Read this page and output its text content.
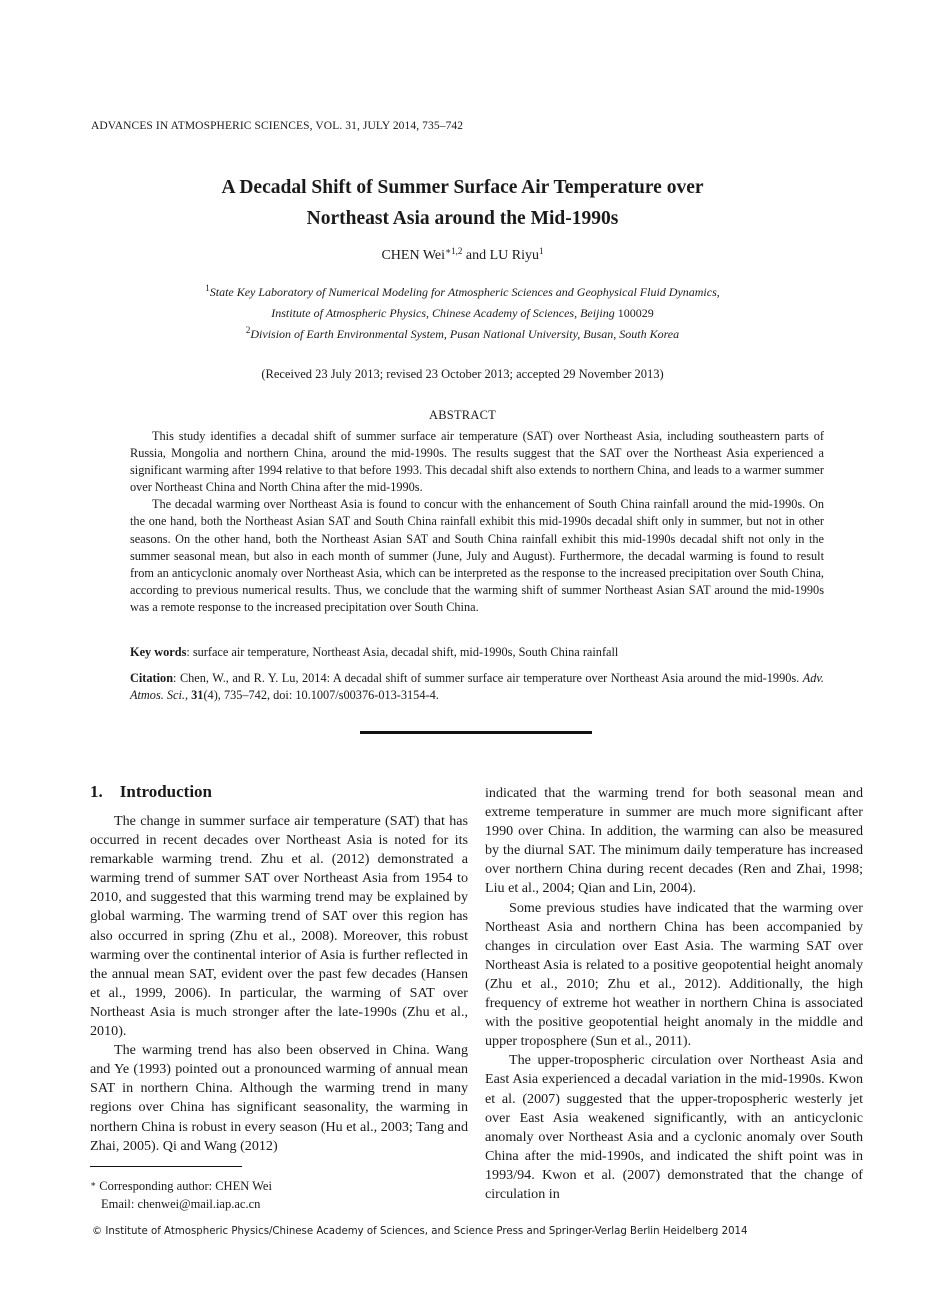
ADVANCES IN ATMOSPHERIC SCIENCES, VOL. 31, JULY 2014, 735–742
A Decadal Shift of Summer Surface Air Temperature over
Northeast Asia around the Mid-1990s
CHEN Wei$^{∗1,2}$ and LU Riyu$^1$
$^1$State Key Laboratory of Numerical Modeling for Atmospheric Sciences and Geophysical Fluid Dynamics,
Institute of Atmospheric Physics, Chinese Academy of Sciences, Beijing 100029
$^2$Division of Earth Environmental System, Pusan National University, Busan, South Korea
(Received 23 July 2013; revised 23 October 2013; accepted 29 November 2013)
ABSTRACT

This study identifies a decadal shift of summer surface air temperature (SAT) over Northeast Asia, including southeastern parts of Russia, Mongolia and northern China, around the mid-1990s. The results suggest that the SAT over the Northeast Asia experienced a significant warming after 1994 relative to that before 1993. This decadal shift also extends to northern China, and leads to a warmer summer over Northeast China and North China after the mid-1990s.

The decadal warming over Northeast Asia is found to concur with the enhancement of South China rainfall around the mid-1990s. On the one hand, both the Northeast Asian SAT and South China rainfall exhibit this mid-1990s decadal shift only in summer, but not in other seasons. On the other hand, both the Northeast Asian SAT and South China rainfall exhibit this mid-1990s decadal shift not only in the summer seasonal mean, but also in each month of summer (June, July and August). Furthermore, the decadal warming is found to result from an anticyclonic anomaly over Northeast Asia, which can be interpreted as the response to the increased precipitation over South China, according to previous numerical results. Thus, we conclude that the warming shift of summer Northeast Asian SAT around the mid-1990s was a remote response to the increased precipitation over South China.

Key words: surface air temperature, Northeast Asia, decadal shift, mid-1990s, South China rainfall
Citation: Chen, W., and R. Y. Lu, 2014: A decadal shift of summer surface air temperature over Northeast Asia around the mid-1990s. Adv. Atmos. Sci., 31(4), 735–742, doi: 10.1007/s00376-013-3154-4.
1.    Introduction

The change in summer surface air temperature (SAT) that has occurred in recent decades over Northeast Asia is noted for its remarkable warming trend. Zhu et al. (2012) demonstrated a warming trend of summer SAT over Northeast Asia from 1954 to 2010, and suggested that this warming trend may be explained by global warming. The warming trend of SAT over this region has also occurred in spring (Zhu et al., 2008). Moreover, this robust warming over the continental interior of Asia is further reflected in the annual mean SAT, evident over the past few decades (Hansen et al., 1999, 2006). In particular, the warming of SAT over Northeast Asia is much stronger after the late-1990s (Zhu et al., 2010).

The warming trend has also been observed in China. Wang and Ye (1993) pointed out a pronounced warming of annual mean SAT in northern China. Although the warming trend in many regions over China has significant seasonality, the warming in northern China is robust in every season (Hu et al., 2003; Tang and Zhai, 2005). Qi and Wang (2012)

indicated that the warming trend for both seasonal mean and extreme temperature in summer are much more significant after 1990 over China. In addition, the warming can also be measured by the diurnal SAT. The minimum daily temperature has increased over northern China during recent decades (Ren and Zhai, 1998; Liu et al., 2004; Qian and Lin, 2004).

Some previous studies have indicated that the warming over Northeast Asia and northern China has been accompanied by changes in circulation over East Asia. The warming SAT over Northeast Asia is related to a positive geopotential height anomaly (Zhu et al., 2010; Zhu et al., 2012). Additionally, the high frequency of extreme hot weather in northern China is associated with the positive geopotential height anomaly in the middle and upper troposphere (Sun et al., 2011).

The upper-tropospheric circulation over Northeast Asia and East Asia experienced a decadal variation in the mid-1990s. Kwon et al. (2007) suggested that the upper-tropospheric westerly jet over East Asia weakened significantly, with an anticyclonic anomaly over Northeast Asia and a cyclonic anomaly over South China after the mid-1990s, and indicated the shift point was in 1993/94. Kwon et al. (2007) demonstrated that the change of circulation in

∗ Corresponding author: CHEN Wei
Email: chenwei@mail.iap.ac.cn
© Institute of Atmospheric Physics/Chinese Academy of Sciences, and Science Press and Springer-Verlag Berlin Heidelberg 2014
